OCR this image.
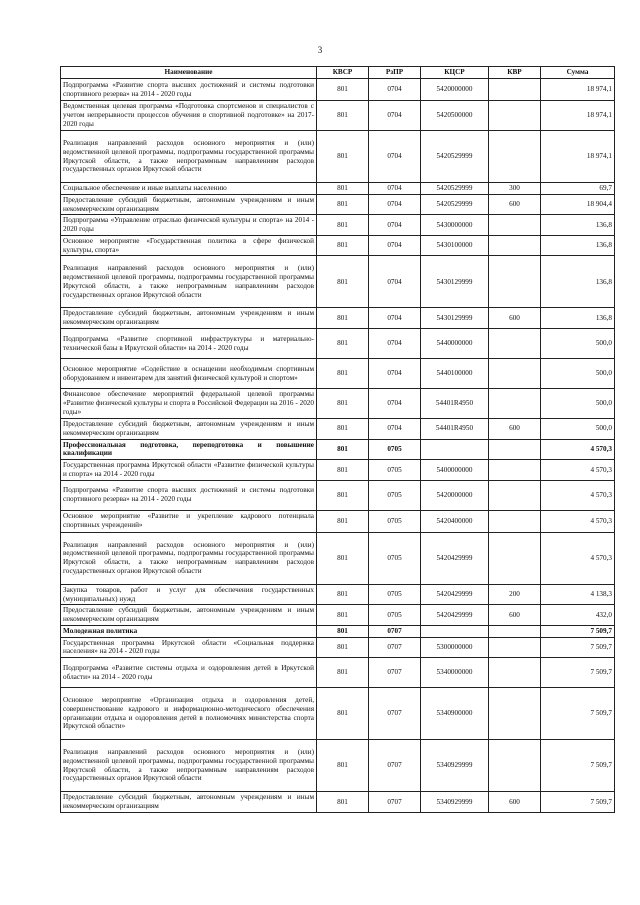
3
Наименование	КВСР	РзПР	КЦСР	КВР	Сумма
Подпрограмма «Развитие спорта высших достижений и системы подготовки спортивного резерва» на 2014 - 2020 годы	801	0704	5420000000		18 974,1
Ведомственная целевая программа «Подготовка спортсменов и специалистов с учетом непрерывности процессов обучения в спортивной подготовке» на 2017-2020 годы	801	0704	5420500000		18 974,1
Реализация направлений расходов основного мероприятия и (или) ведомственной целевой программы, подпрограммы государственной программы Иркутской области, а также непрограммным направлениям расходов государственных органов Иркутской области	801	0704	5420529999		18 974,1
Социальное обеспечение и иные выплаты населению	801	0704	5420529999	300	69,7
Предоставление субсидий бюджетным, автономным учреждениям и иным некоммерческим организациям	801	0704	5420529999	600	18 904,4
Подпрограмма «Управление отраслью физической культуры и спорта» на 2014 - 2020 годы	801	0704	5430000000		136,8
Основное мероприятие «Государственная политика в сфере физической культуры, спорта»	801	0704	5430100000		136,8
Реализация направлений расходов основного мероприятия и (или) ведомственной целевой программы, подпрограммы государственной программы Иркутской области, а также непрограммным направлениям расходов государственных органов Иркутской области	801	0704	5430129999		136,8
Предоставление субсидий бюджетным, автономным учреждениям и иным некоммерческим организациям	801	0704	5430129999	600	136,8
Подпрограмма «Развитие спортивной инфраструктуры и материально- технической базы в Иркутской области» на 2014 - 2020 годы	801	0704	5440000000		500,0
Основное мероприятие «Содействие в оснащении необходимым спортивным оборудованием и инвентарем для занятий физической культурой и спортом»	801	0704	5440100000		500,0
Финансовое обеспечение мероприятий федеральной целевой программы «Развитие физической культуры и спорта в Российской Федерации на 2016 - 2020 годы»	801	0704	54401R4950		500,0
Предоставление субсидий бюджетным, автономным учреждениям и иным некоммерческим организациям	801	0704	54401R4950	600	500,0
Профессиональная подготовка, переподготовка и повышение квалификации	801	0705			4 570,3
Государственная программа Иркутской области «Развитие физической культуры и спорта» на 2014 - 2020 годы	801	0705	5400000000		4 570,3
Подпрограмма «Развитие спорта высших достижений и системы подготовки спортивного резерва» на 2014 - 2020 годы	801	0705	5420000000		4 570,3
Основное мероприятие «Развитие и укрепление кадрового потенциала спортивных учреждений»	801	0705	5420400000		4 570,3
Реализация направлений расходов основного мероприятия и (или) ведомственной целевой программы, подпрограммы государственной программы Иркутской области, а также непрограммным направлениям расходов государственных органов Иркутской области	801	0705	5420429999		4 570,3
Закупка товаров, работ и услуг для обеспечения государственных (муниципальных) нужд	801	0705	5420429999	200	4 138,3
Предоставление субсидий бюджетным, автономным учреждениям и иным некоммерческим организациям	801	0705	5420429999	600	432,0
Молодежная политика	801	0707			7 509,7
Государственная программа Иркутской области «Социальная поддержка населения» на 2014 - 2020 годы	801	0707	5300000000		7 509,7
Подпрограмма «Развитие системы отдыха и оздоровления детей в Иркутской области» на 2014 - 2020 годы	801	0707	5340000000		7 509,7
Основное мероприятие «Организация отдыха и оздоровления детей, совершенствование кадрового и информационно-методического обеспечения организации отдыха и оздоровления детей в полномочиях министерства спорта Иркутской области»	801	0707	5340900000		7 509,7
Реализация направлений расходов основного мероприятия и (или) ведомственной целевой программы, подпрограммы государственной программы Иркутской области, а также непрограммным направлениям расходов государственных органов Иркутской области	801	0707	5340929999		7 509,7
Предоставление субсидий бюджетным, автономным учреждениям и иным некоммерческим организациям	801	0707	5340929999	600	7 509,7
